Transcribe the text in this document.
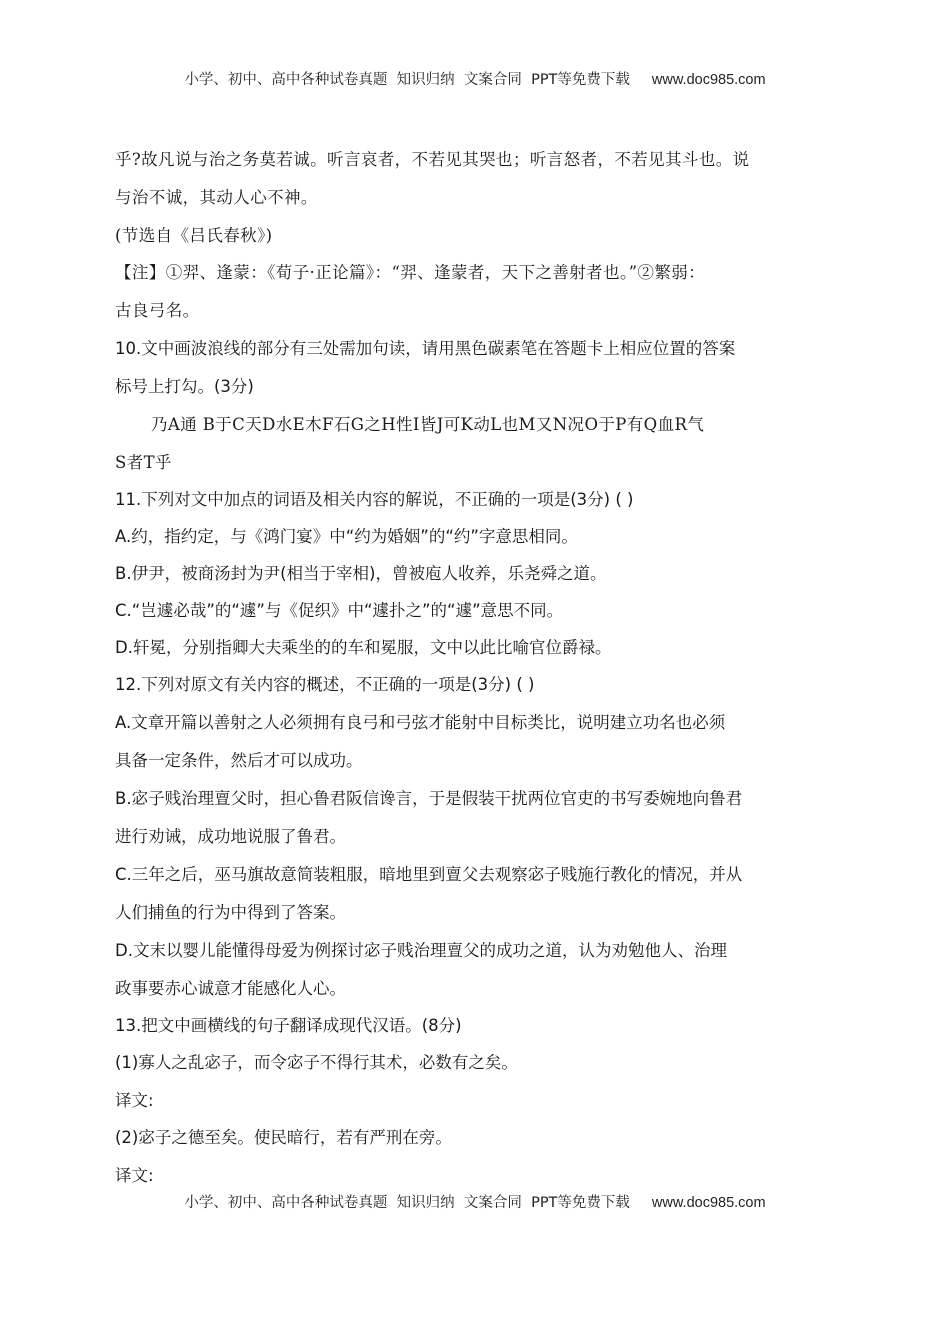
小学、初中、高中各种试卷真题  知识归纳  文案合同  PPT等免费下载 www.doc985.com
乎?故凡说与治之务莫若诚。听言哀者，不若见其哭也；听言怒者，不若见其斗也。说
与治不诚，其动人心不神。
(节选自《吕氏春秋》)
【注】①羿、逢蒙：《荀子·正论篇》：“羿、逢蒙者，天下之善射者也。”②繁弱：
古良弓名。
10.文中画波浪线的部分有三处需加句读，请用黑色碳素笔在答题卡上相应位置的答案
标号上打勾。(3分)
乃A通 B于C天D水E木F石G之H性I皆J可K动L也M又N况O于P有Q血R气
S者T乎
11.下列对文中加点的词语及相关内容的解说，不正确的一项是(3分) ( )
A.约，指约定，与《鸿门宴》中“约为婚姻”的“约”字意思相同。
B.伊尹，被商汤封为尹(相当于宰相)，曾被庖人收养，乐尧舜之道。
C.“岂遽必哉”的“遽”与《促织》中“遽扑之”的“遽”意思不同。
D.轩冕，分别指卿大夫乘坐的的车和冕服，文中以此比喻官位爵禄。
12.下列对原文有关内容的概述，不正确的一项是(3分) ( )
A.文章开篇以善射之人必须拥有良弓和弓弦才能射中目标类比，说明建立功名也必须
具备一定条件，然后才可以成功。
B.宓子贱治理亶父时，担心鲁君阪信谗言，于是假装干扰两位官吏的书写委婉地向鲁君
进行劝诫，成功地说服了鲁君。
C.三年之后，巫马旗故意简装粗服，暗地里到亶父去观察宓子贱施行教化的情况，并从
人们捕鱼的行为中得到了答案。
D.文末以婴儿能懂得母爱为例探讨宓子贱治理亶父的成功之道，认为劝勉他人、治理
政事要赤心诚意才能感化人心。
13.把文中画横线的句子翻译成现代汉语。(8分)
(1)寡人之乱宓子，而令宓子不得行其术，必数有之矣。
译文:
(2)宓子之德至矣。使民暗行，若有严刑在旁。
译文:
小学、初中、高中各种试卷真题  知识归纳  文案合同  PPT等免费下载 www.doc985.com
